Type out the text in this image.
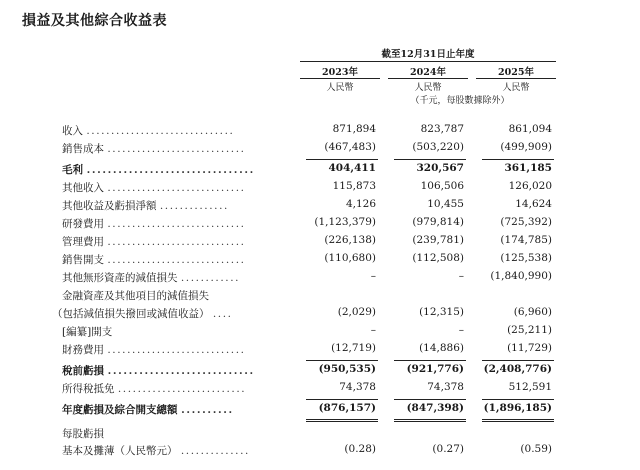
損益及其他綜合收益表
截至12月31日止年度
2023年	2024年	2025年
人民幣	人民幣	人民幣
（千元，每股數據除外）
收入 ..............................	871,894	823,787	861,094
銷售成本 ............................	(467,483)	(503,220)	(499,909)
毛利 ................................	404,411	320,567	361,185
其他收入 ............................	115,873	106,506	126,020
其他收益及虧損淨額 ..............	4,126	10,455	14,624
研發費用 ............................	(1,123,379)	(979,814)	(725,392)
管理費用 ............................	(226,138)	(239,781)	(174,785)
銷售開支 ............................	(110,680)	(112,508)	(125,538)
其他無形資產的減值損失 ............	–	–	(1,840,990)
金融資產及其他項目的減值損失
（包括減值損失撥回或減值收益） ....	(2,029)	(12,315)	(6,960)
[編纂]開支	–	–	(25,211)
財務費用 ............................	(12,719)	(14,886)	(11,729)
稅前虧損 ............................	(950,535)	(921,776)	(2,408,776)
所得稅抵免 ..........................	74,378	74,378	512,591
年度虧損及綜合開支總額 ..........	(876,157)	(847,398)	(1,896,185)
每股虧損
基本及攤薄（人民幣元） ..............	(0.28)	(0.27)	(0.59)
